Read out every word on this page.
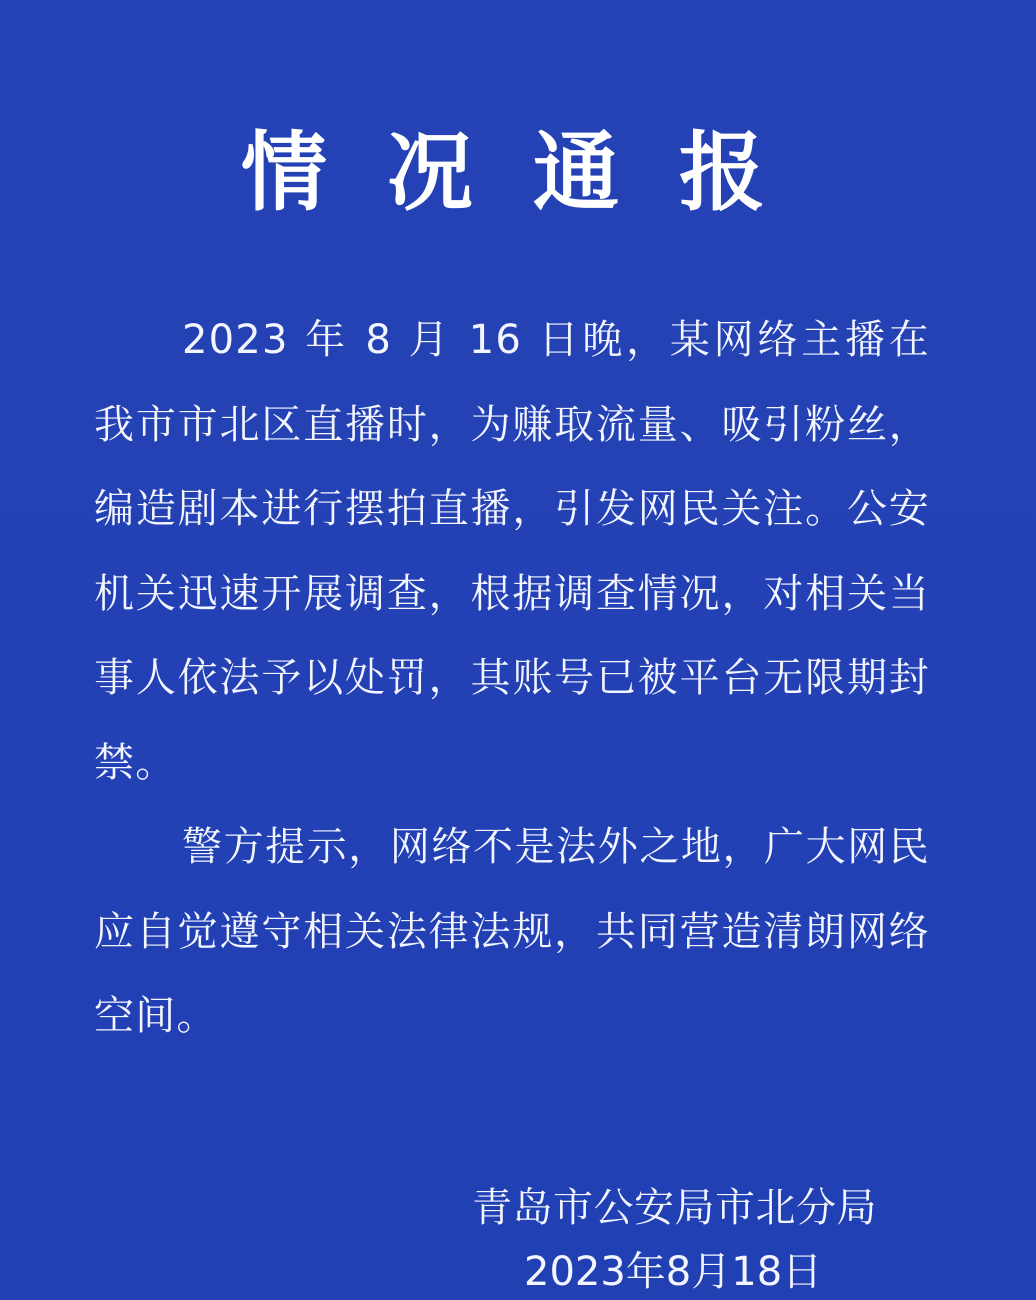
情况通报

2023 年 8 月 16 日晚，某网络主播在我市市北区直播时，为赚取流量、吸引粉丝，编造剧本进行摆拍直播，引发网民关注。公安机关迅速开展调查，根据调查情况，对相关当事人依法予以处罚，其账号已被平台无限期封禁。

警方提示，网络不是法外之地，广大网民应自觉遵守相关法律法规，共同营造清朗网络空间。

青岛市公安局市北分局
2023年8月18日
